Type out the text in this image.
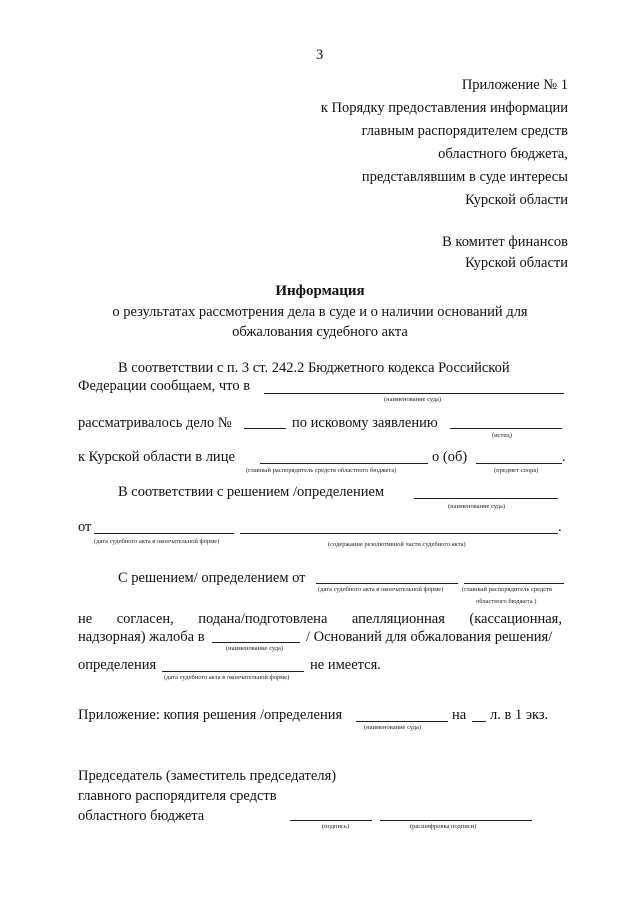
3
Приложение № 1
к Порядку предоставления информации
главным распорядителем средств
областного бюджета,
представлявшим в суде интересы
Курской области
В комитет финансов
Курской области
Информация
о результатах рассмотрения дела в суде и о наличии оснований для
обжалования судебного акта
В соответствии с п. 3 ст. 242.2 Бюджетного кодекса Российской
Федерации сообщаем, что в
(наименование суда)
рассматривалось дело №	по исковому заявлению
(истец)
к Курской области в лице	о (об)	.
(главный распорядитель средств областного бюджета)	(предмет спора)
В соответствии с решением /определением
(наименование суда)
от	.
(дата судебного акта в окончательной форме)	(содержание резолютивной части судебного акта)
С решением/ определением от
(дата судебного акта в окончательной форме)	(главный распорядитель средств
областного бюджета )
не согласен, подана/подготовлена апелляционная (кассационная,
надзорная) жалоба в	/ Оснований для обжалования решения/
(наименование суда)
определения	не имеется.
(дата судебного акта в окончательной форме)
Приложение: копия решения /определения	на л. в 1 экз.
(наименование суда)
Председатель (заместитель председателя)
главного распорядителя средств
областного бюджета
(подпись)	(расшифровка подписи)
